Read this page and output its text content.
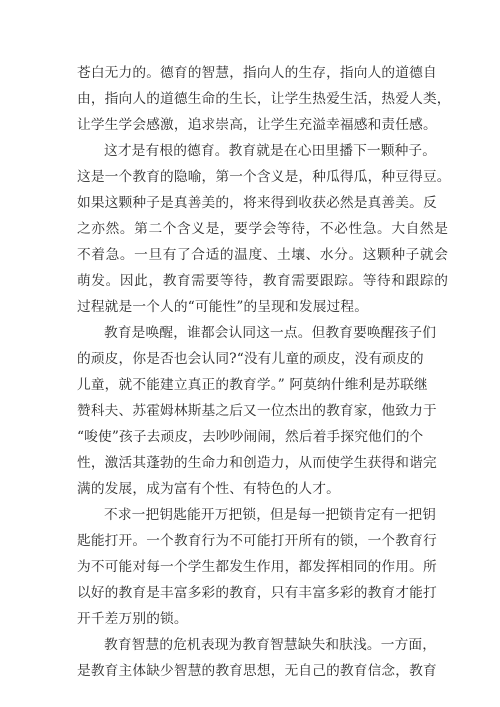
苍白无力的。德育的智慧，指向人的生存，指向人的道德自
由，指向人的道德生命的生长，让学生热爱生活，热爱人类，
让学生学会感激，追求崇高，让学生充溢幸福感和责任感。
这才是有根的德育。教育就是在心田里播下一颗种子。
这是一个教育的隐喻，第一个含义是，种瓜得瓜，种豆得豆。
如果这颗种子是真善美的，将来得到收获必然是真善美。反
之亦然。第二个含义是，要学会等待，不必性急。大自然是
不着急。一旦有了合适的温度、土壤、水分。这颗种子就会
萌发。因此，教育需要等待，教育需要跟踪。等待和跟踪的
过程就是一个人的“可能性”的呈现和发展过程。
教育是唤醒，谁都会认同这一点。但教育要唤醒孩子们
的顽皮，你是否也会认同?“没有儿童的顽皮，没有顽皮的
儿童，就不能建立真正的教育学。” 阿莫纳什维利是苏联继
赞科夫、苏霍姆林斯基之后又一位杰出的教育家，他致力于
“唆使”孩子去顽皮，去吵吵闹闹，然后着手探究他们的个
性，激活其蓬勃的生命力和创造力，从而使学生获得和谐完
满的发展，成为富有个性、有特色的人才。
不求一把钥匙能开万把锁，但是每一把锁肯定有一把钥
匙能打开。一个教育行为不可能打开所有的锁，一个教育行
为不可能对每一个学生都发生作用，都发挥相同的作用。所
以好的教育是丰富多彩的教育，只有丰富多彩的教育才能打
开千差万别的锁。
教育智慧的危机表现为教育智慧缺失和肤浅。一方面，
是教育主体缺少智慧的教育思想，无自己的教育信念，教育
